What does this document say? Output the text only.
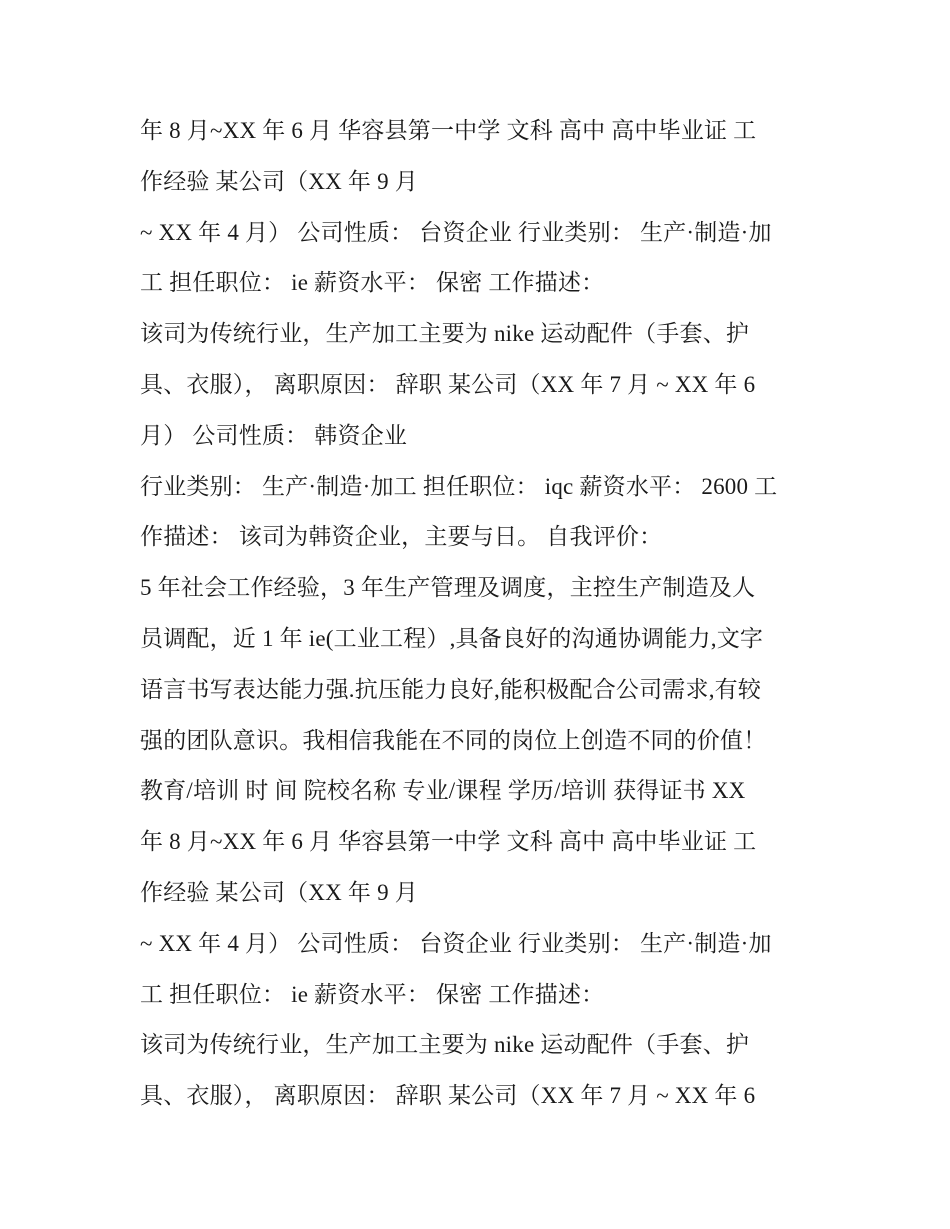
年 8 月~XX 年 6 月 华容县第一中学 文科 高中 高中毕业证 工
作经验 某公司（XX 年 9 月
~ XX 年 4 月） 公司性质： 台资企业 行业类别： 生产·制造·加
工 担任职位： ie 薪资水平： 保密 工作描述：
该司为传统行业，生产加工主要为 nike 运动配件（手套、护
具、衣服）， 离职原因： 辞职 某公司（XX 年 7 月 ~ XX 年 6
月） 公司性质： 韩资企业
行业类别： 生产·制造·加工 担任职位： iqc 薪资水平： 2600 工
作描述： 该司为韩资企业，主要与日。 自我评价：
5 年社会工作经验，3 年生产管理及调度，主控生产制造及人
员调配，近 1 年 ie(工业工程）,具备良好的沟通协调能力,文字
语言书写表达能力强.抗压能力良好,能积极配合公司需求,有较
强的团队意识。我相信我能在不同的岗位上创造不同的价值！
教育/培训 时 间 院校名称 专业/课程 学历/培训 获得证书 XX
年 8 月~XX 年 6 月 华容县第一中学 文科 高中 高中毕业证 工
作经验 某公司（XX 年 9 月
~ XX 年 4 月） 公司性质： 台资企业 行业类别： 生产·制造·加
工 担任职位： ie 薪资水平： 保密 工作描述：
该司为传统行业，生产加工主要为 nike 运动配件（手套、护
具、衣服）， 离职原因： 辞职 某公司（XX 年 7 月 ~ XX 年 6
